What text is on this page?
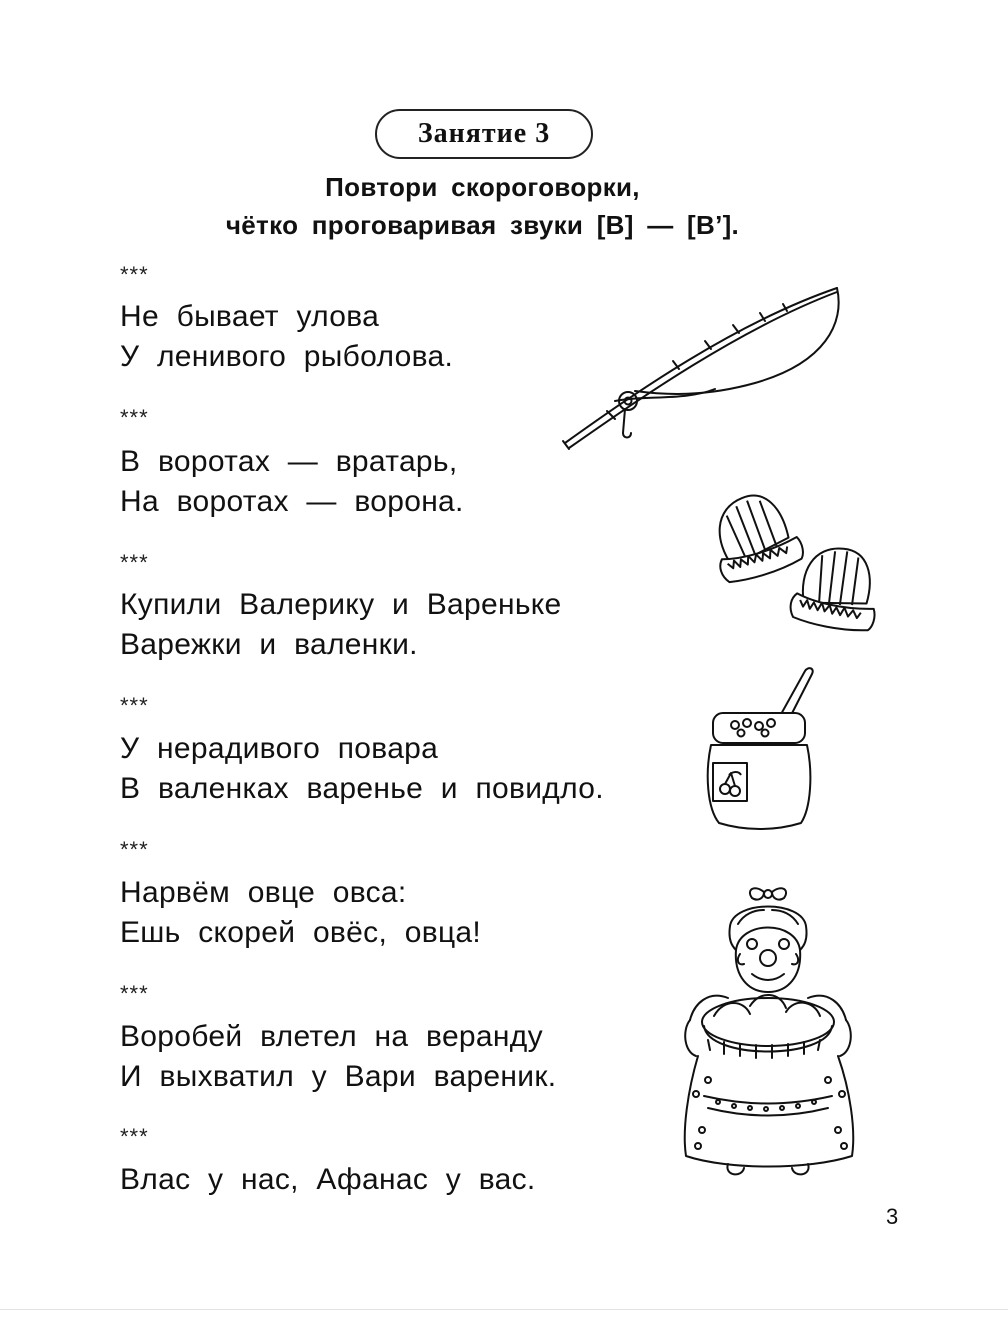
Занятие 3
Повтори скороговорки,
чётко проговаривая звуки [В] — [В’].
***
Не бывает улова
У ленивого рыболова.
***
В воротах — вратарь,
На воротах — ворона.
***
Купили Валерику и Вареньке
Варежки и валенки.
***
У нерадивого повара
В валенках варенье и повидло.
***
Нарвём овце овса:
Ешь скорей овёс, овца!
***
Воробей влетел на веранду
И выхватил у Вари вареник.
***
Влас у нас, Афанас у вас.
3
